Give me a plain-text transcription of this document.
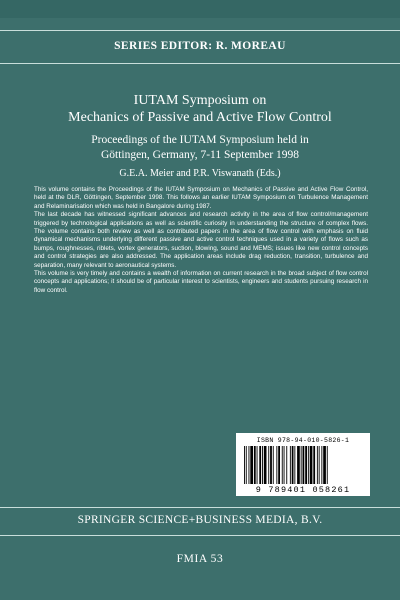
SERIES EDITOR: R. MOREAU
IUTAM Symposium on
Mechanics of Passive and Active Flow Control
Proceedings of the IUTAM Symposium held in
Göttingen, Germany, 7-11 September 1998
G.E.A. Meier and P.R. Viswanath (Eds.)

This volume contains the Proceedings of the IUTAM Symposium on Mechanics of Passive and Active Flow Control, held at the DLR, Göttingen, September 1998. This follows an earlier IUTAM Symposium on Turbulence Management and Relaminarisation which was held in Bangalore during 1987.

The last decade has witnessed significant advances and research activity in the area of flow control/management triggered by technological applications as well as scientific curiosity in understanding the structure of complex flows. The volume contains both review as well as contributed papers in the area of flow control with emphasis on fluid dynamical mechanisms underlying different passive and active control techniques used in a variety of flows such as bumps, roughnesses, riblets, vortex generators, suction, blowing, sound and MEMS; issues like new control concepts and control strategies are also addressed. The application areas include drag reduction, transition, turbulence and separation, many relevant to aeronautical systems.

This volume is very timely and contains a wealth of information on current research in the broad subject of flow control concepts and applications; it should be of particular interest to scientists, engineers and students pursuing research in flow control.

ISBN 978-94-010-5826-1
9 789401 058261
SPRINGER SCIENCE+BUSINESS MEDIA, B.V.
FMIA 53
